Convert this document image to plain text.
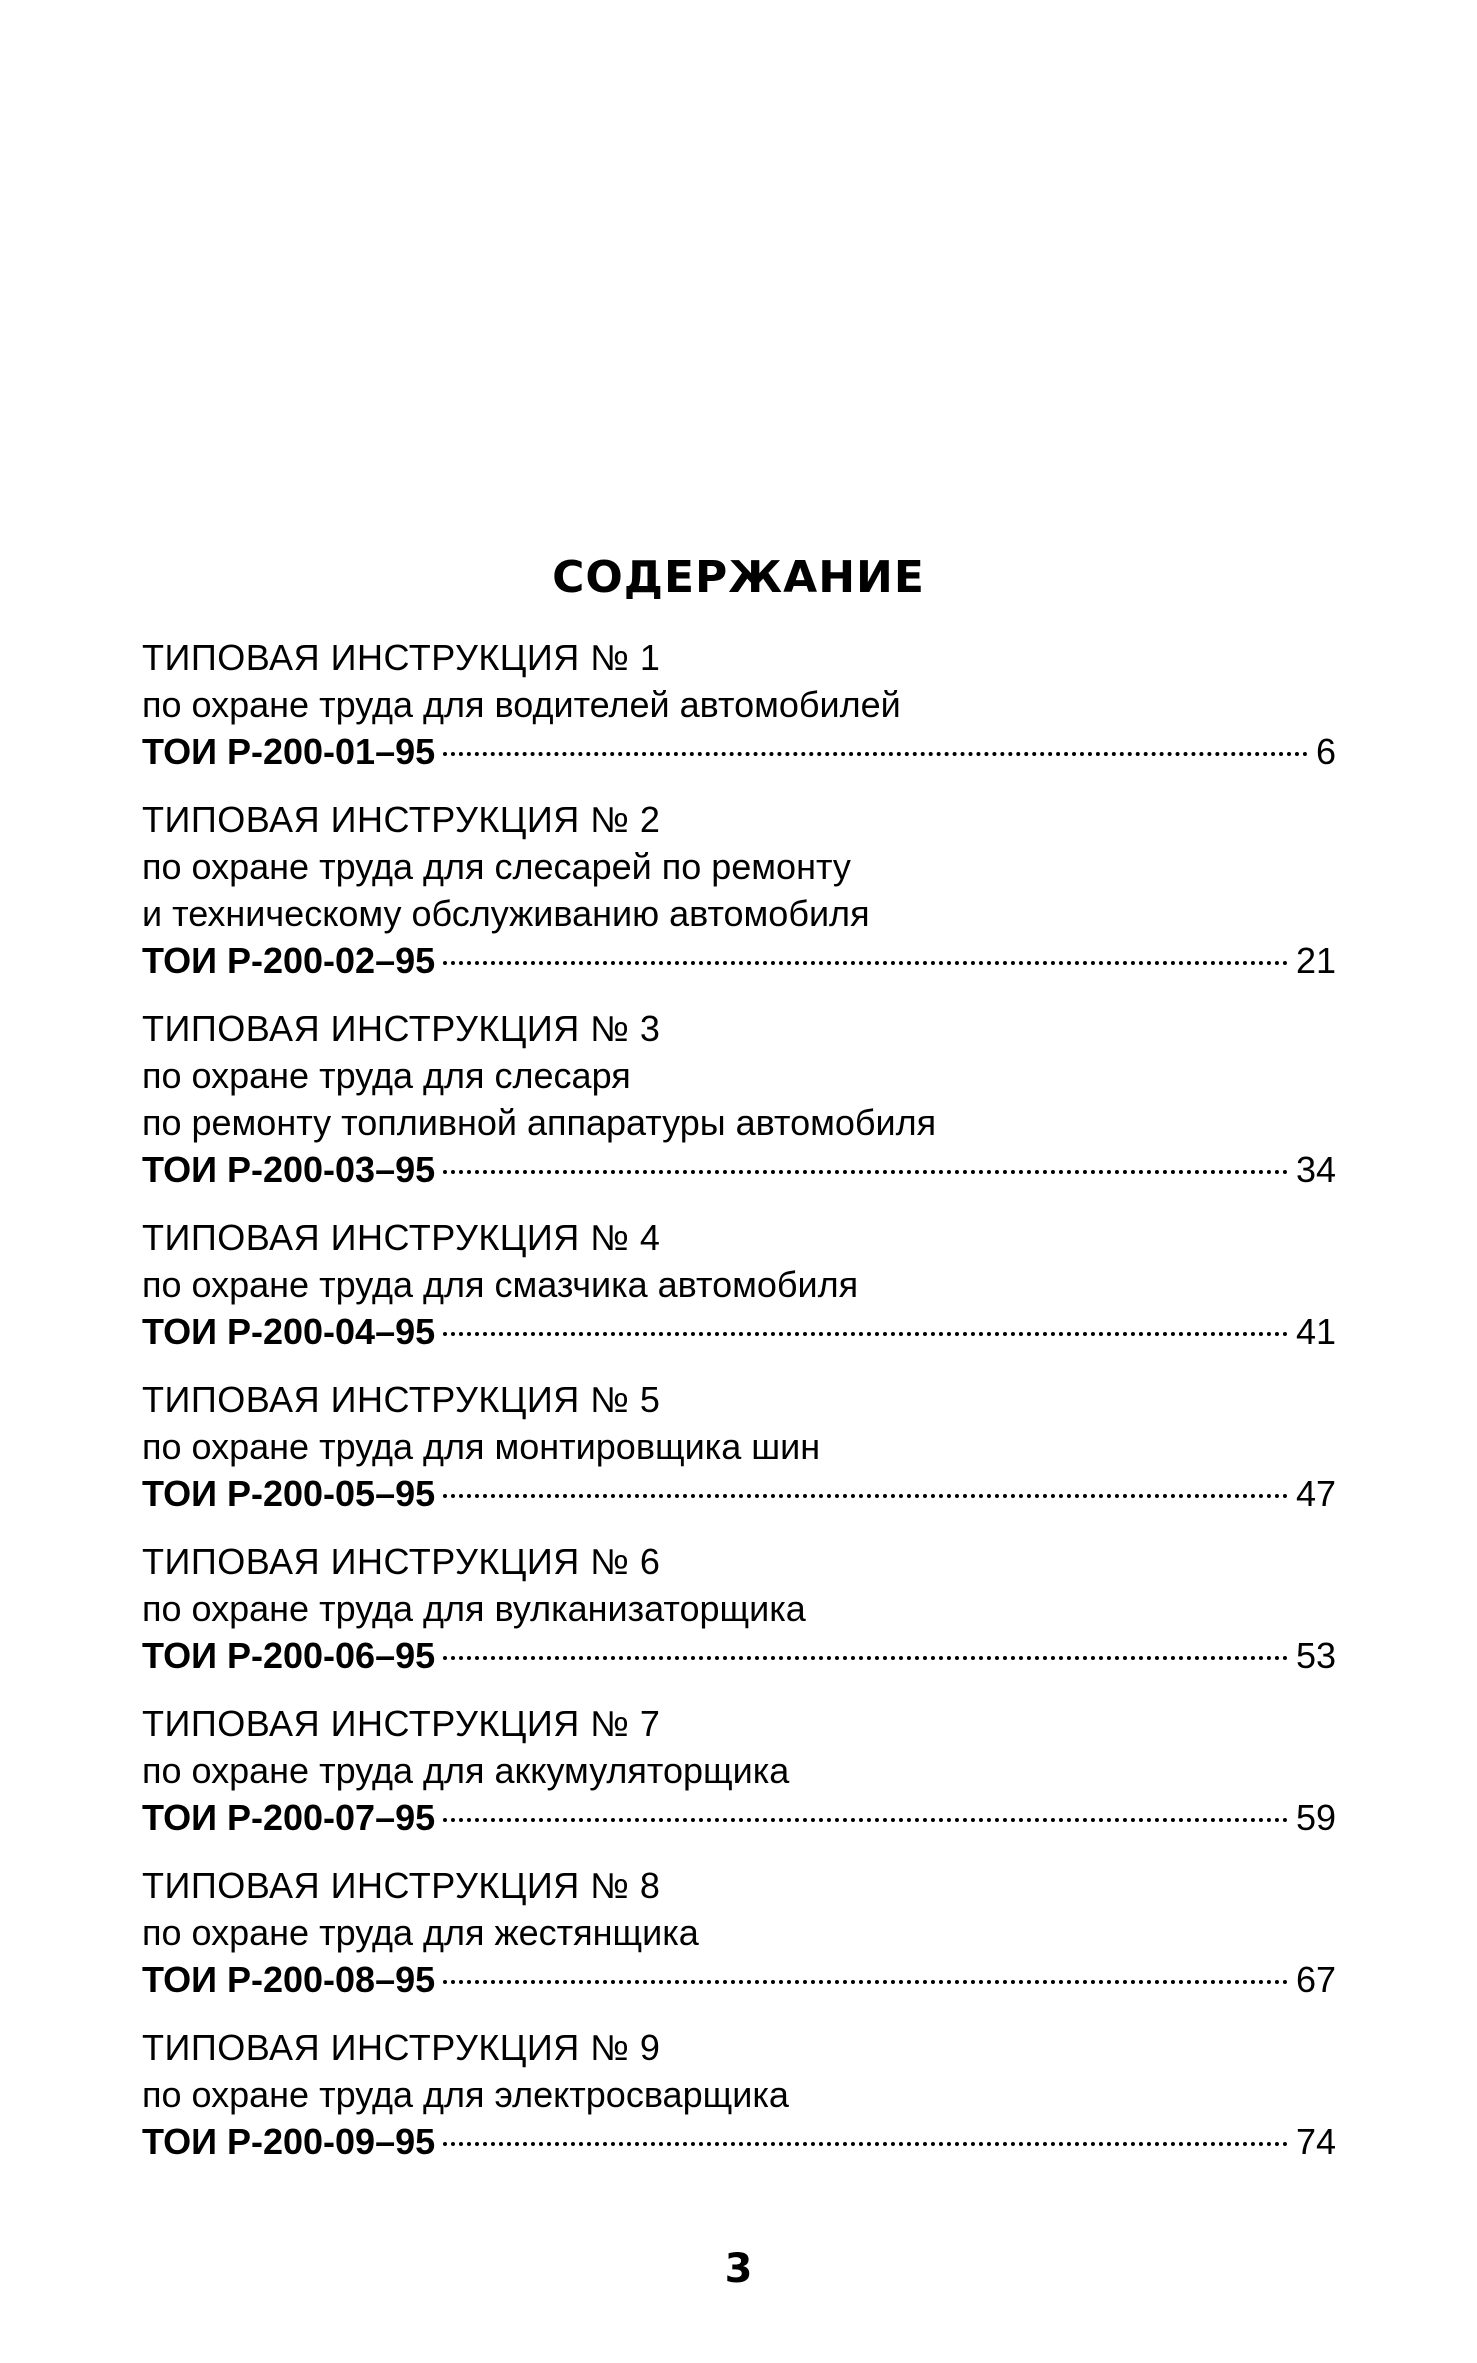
СОДЕРЖАНИЕ
ТИПОВАЯ ИНСТРУКЦИЯ № 1
по охране труда для водителей автомобилей
ТОИ Р-200-01–95	6
ТИПОВАЯ ИНСТРУКЦИЯ № 2
по охране труда для слесарей по ремонту
и техническому обслуживанию автомобиля
ТОИ Р-200-02–95	21
ТИПОВАЯ ИНСТРУКЦИЯ № 3
по охране труда для слесаря
по ремонту топливной аппаратуры автомобиля
ТОИ Р-200-03–95	34
ТИПОВАЯ ИНСТРУКЦИЯ № 4
по охране труда для смазчика автомобиля
ТОИ Р-200-04–95	41
ТИПОВАЯ ИНСТРУКЦИЯ № 5
по охране труда для монтировщика шин
ТОИ Р-200-05–95	47
ТИПОВАЯ ИНСТРУКЦИЯ № 6
по охране труда для вулканизаторщика
ТОИ Р-200-06–95	53
ТИПОВАЯ ИНСТРУКЦИЯ № 7
по охране труда для аккумуляторщика
ТОИ Р-200-07–95	59
ТИПОВАЯ ИНСТРУКЦИЯ № 8
по охране труда для жестянщика
ТОИ Р-200-08–95	67
ТИПОВАЯ ИНСТРУКЦИЯ № 9
по охране труда для электросварщика
ТОИ Р-200-09–95	74
3
